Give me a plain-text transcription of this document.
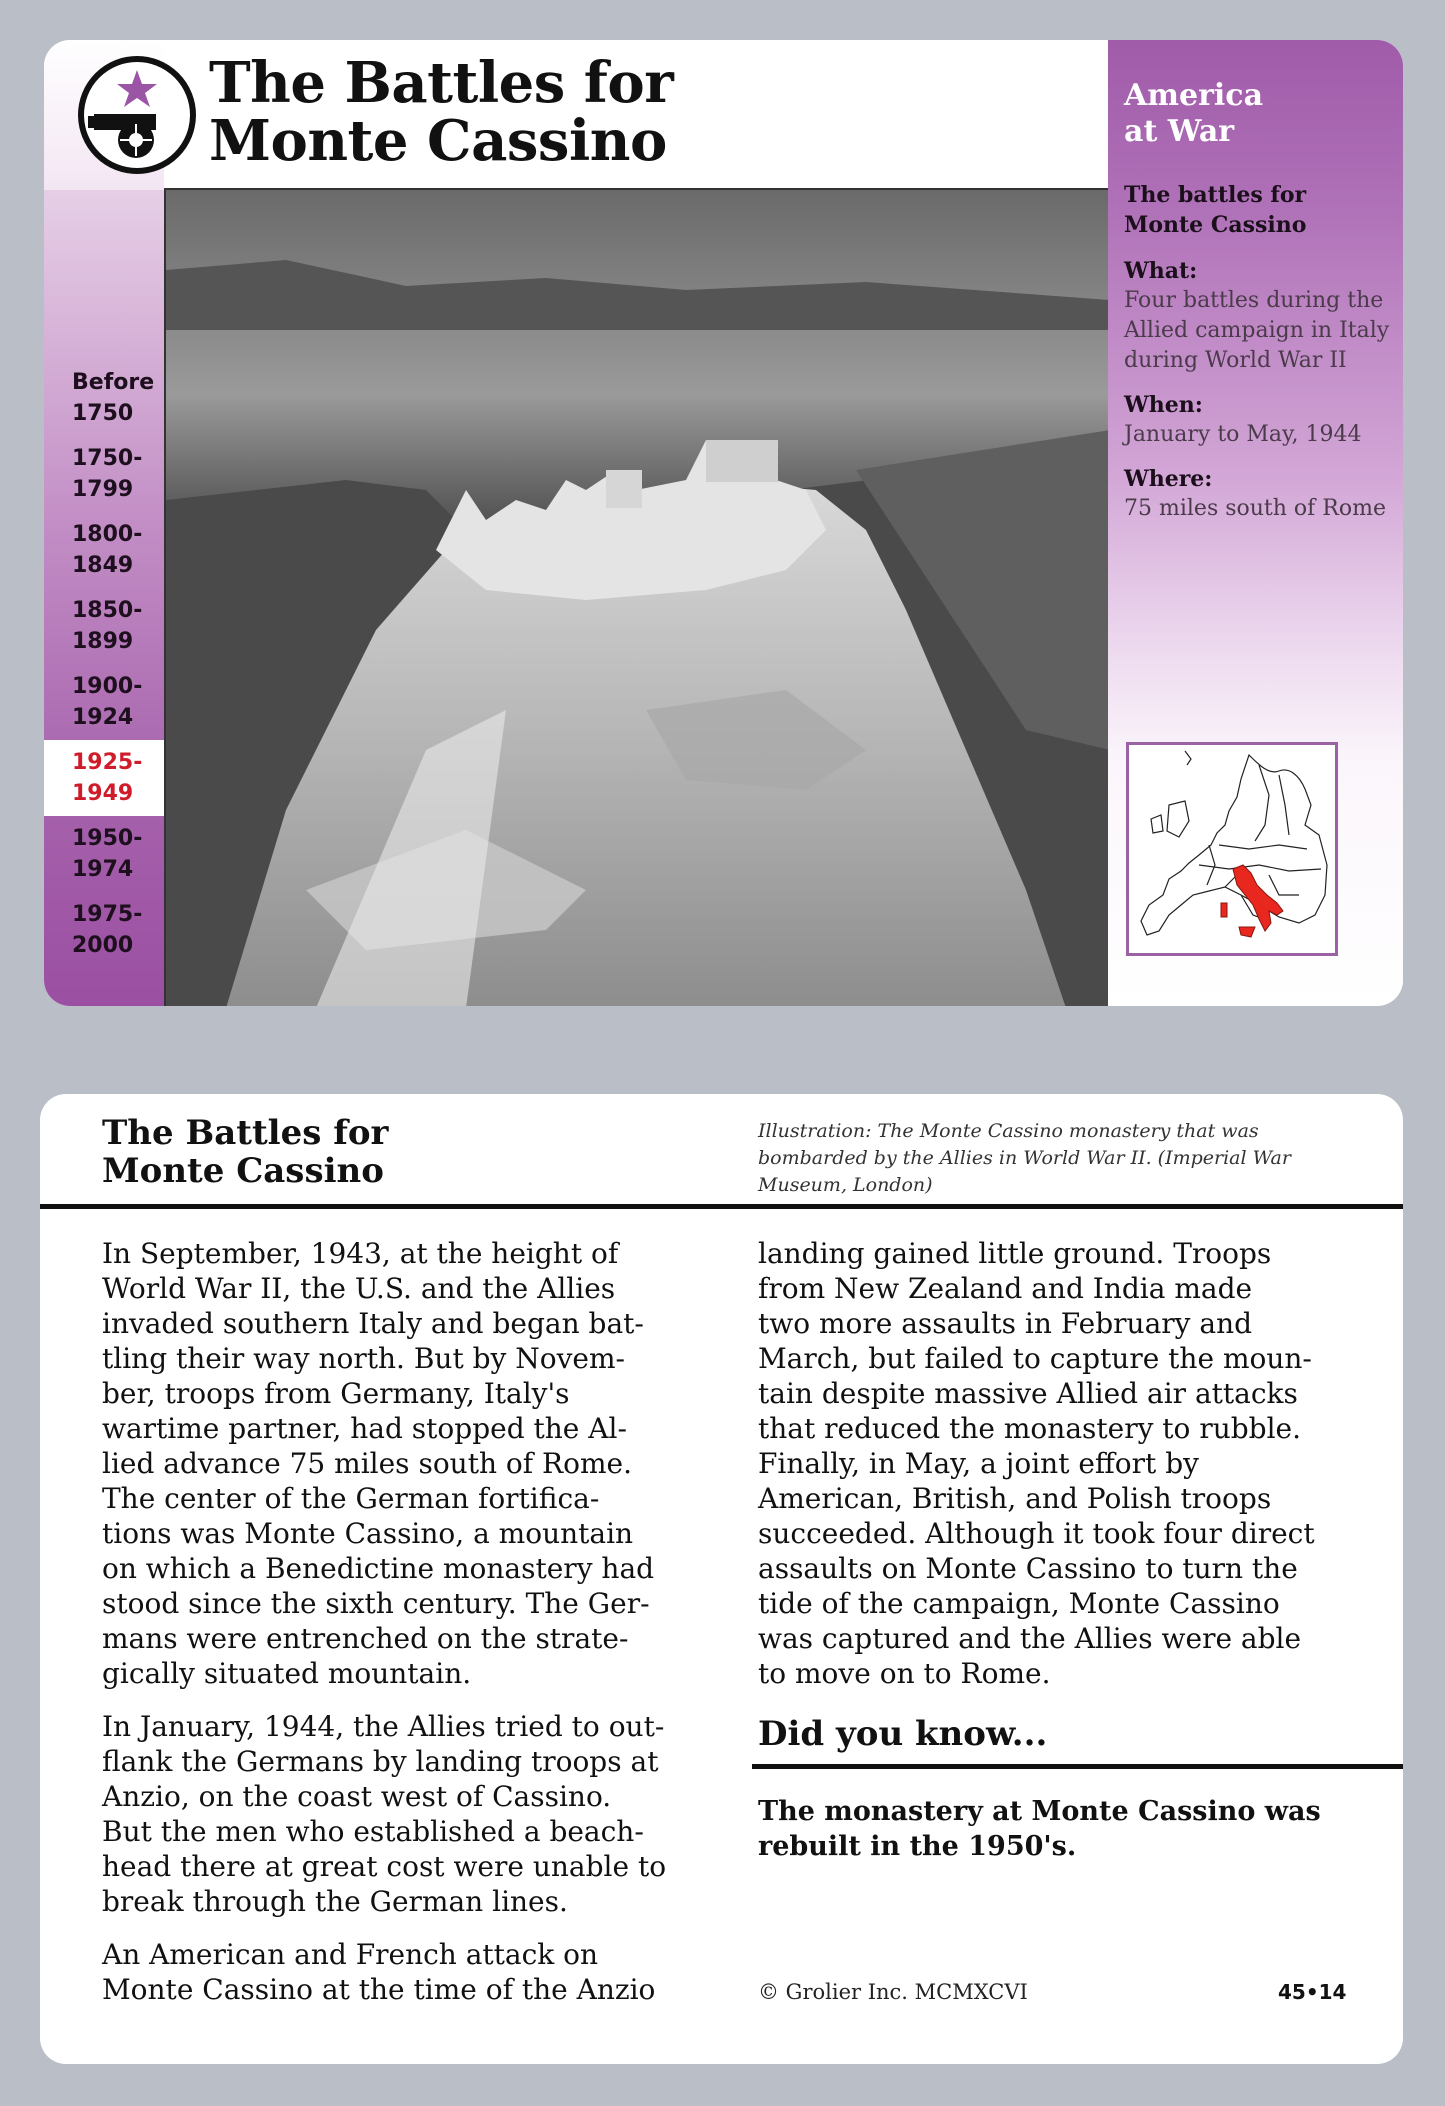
The Battles for
Monte Cassino
Before
1750
1750-
1799
1800-
1849
1850-
1899
1900-
1924
1925-
1949
1950-
1974
1975-
2000
America
at War

The battles for
Monte Cassino

What:

Four battles during the Allied campaign in Italy during World War II

When:

January to May, 1944

Where:

75 miles south of Rome

The Battles for
Monte Cassino

Illustration: The Monte Cassino monastery that was bombarded by the Allies in World War II. (Imperial War Museum, London)

In September, 1943, at the height of
World War II, the U.S. and the Allies
invaded southern Italy and began bat-
tling their way north. But by Novem-
ber, troops from Germany, Italy's
wartime partner, had stopped the Al-
lied advance 75 miles south of Rome.
The center of the German fortifica-
tions was Monte Cassino, a mountain
on which a Benedictine monastery had
stood since the sixth century. The Ger-
mans were entrenched on the strate-
gically situated mountain.

In January, 1944, the Allies tried to out-
flank the Germans by landing troops at
Anzio, on the coast west of Cassino.
But the men who established a beach-
head there at great cost were unable to
break through the German lines.

An American and French attack on
Monte Cassino at the time of the Anzio

landing gained little ground. Troops
from New Zealand and India made
two more assaults in February and
March, but failed to capture the moun-
tain despite massive Allied air attacks
that reduced the monastery to rubble.
Finally, in May, a joint effort by
American, British, and Polish troops
succeeded. Although it took four direct
assaults on Monte Cassino to turn the
tide of the campaign, Monte Cassino
was captured and the Allies were able
to move on to Rome.

Did you know...

The monastery at Monte Cassino was
rebuilt in the 1950's.

© Grolier Inc. MCMXCVI	45•14
